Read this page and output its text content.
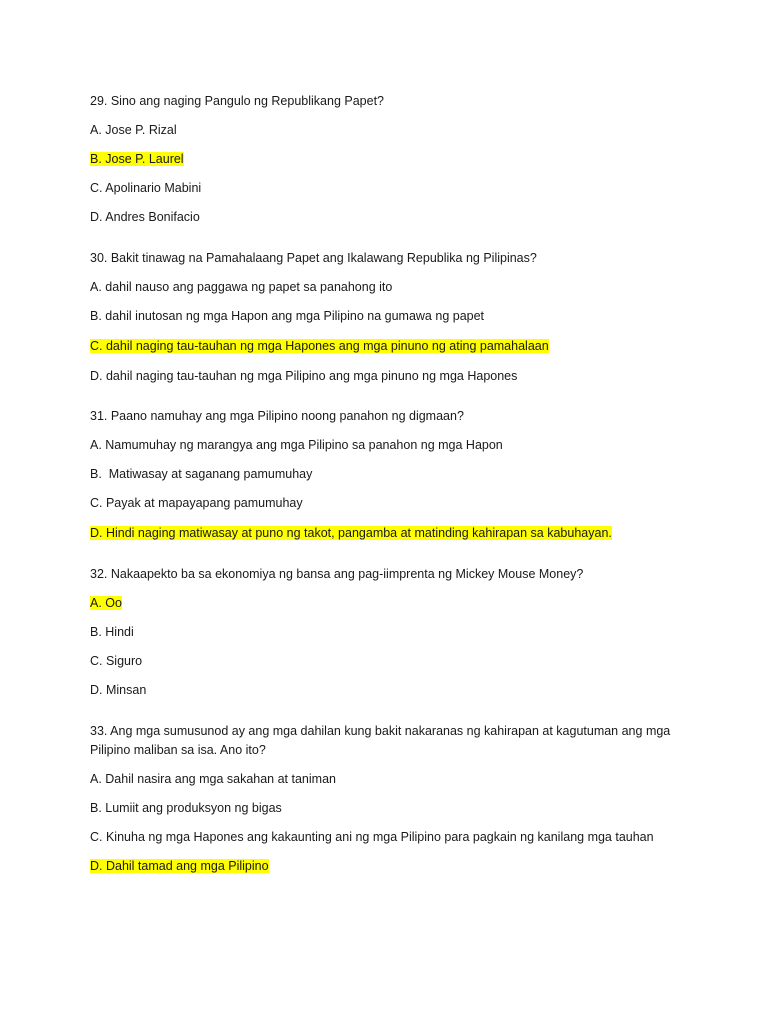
29. Sino ang naging Pangulo ng Republikang Papet?
A. Jose P. Rizal
B. Jose P. Laurel
C. Apolinario Mabini
D. Andres Bonifacio
30. Bakit tinawag na Pamahalaang Papet ang Ikalawang Republika ng Pilipinas?
A. dahil nauso ang paggawa ng papet sa panahong ito
B. dahil inutosan ng mga Hapon ang mga Pilipino na gumawa ng papet
C. dahil naging tau-tauhan ng mga Hapones ang mga pinuno ng ating pamahalaan
D. dahil naging tau-tauhan ng mga Pilipino ang mga pinuno ng mga Hapones
31. Paano namuhay ang mga Pilipino noong panahon ng digmaan?
A. Namumuhay ng marangya ang mga Pilipino sa panahon ng mga Hapon
B.  Matiwasay at saganang pamumuhay
C. Payak at mapayapang pamumuhay
D. Hindi naging matiwasay at puno ng takot, pangamba at matinding kahirapan sa kabuhayan.
32. Nakaapekto ba sa ekonomiya ng bansa ang pag-iimprenta ng Mickey Mouse Money?
A. Oo
B. Hindi
C. Siguro
D. Minsan
33. Ang mga sumusunod ay ang mga dahilan kung bakit nakaranas ng kahirapan at kagutuman ang mga Pilipino maliban sa isa. Ano ito?
A. Dahil nasira ang mga sakahan at taniman
B. Lumiit ang produksyon ng bigas
C. Kinuha ng mga Hapones ang kakaunting ani ng mga Pilipino para pagkain ng kanilang mga tauhan
D. Dahil tamad ang mga Pilipino
